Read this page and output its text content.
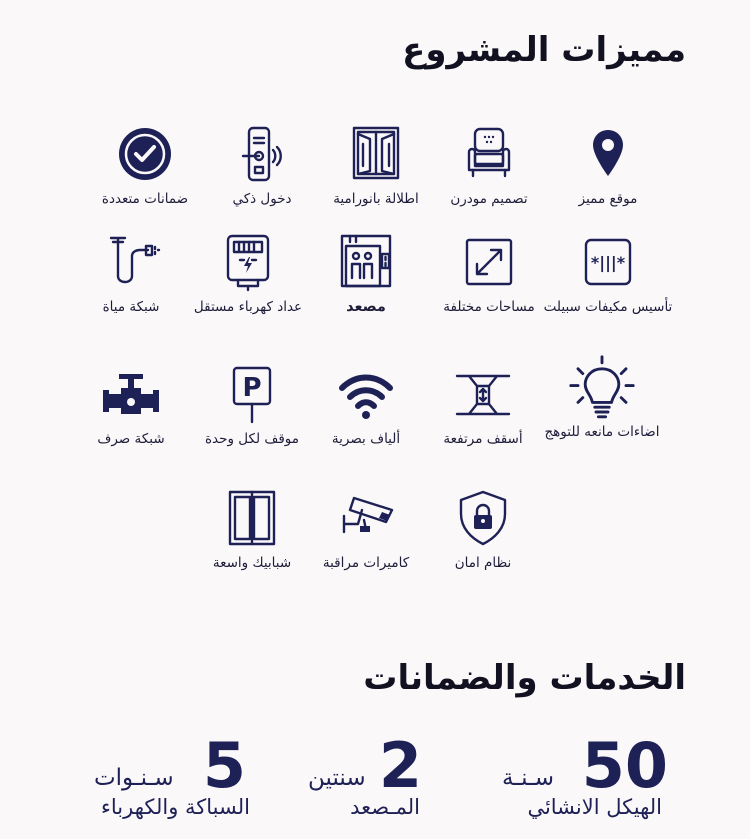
مميزات المشروع
موقع مميز
تصميم مودرن
اطلالة بانورامية
دخول ذكي
ضمانات متعددة
*|||*
تأسيس مكيفات سبيلت
مساحات مختلفة
مصعد
عداد كهرباء مستقل
شبكة مياة
اضاءات مانعه للتوهج
أسقف مرتفعة
ألياف بصرية
P
موقف لكل وحدة
شبكة صرف
نظام امان
كاميرات مراقبة
شبابيك واسعة
الخدمات والضمانات
50
سـنـة
الهيكل الانشائي
2
سنتين
المـصعد
5
سـنـوات
السباكة والكهرباء
